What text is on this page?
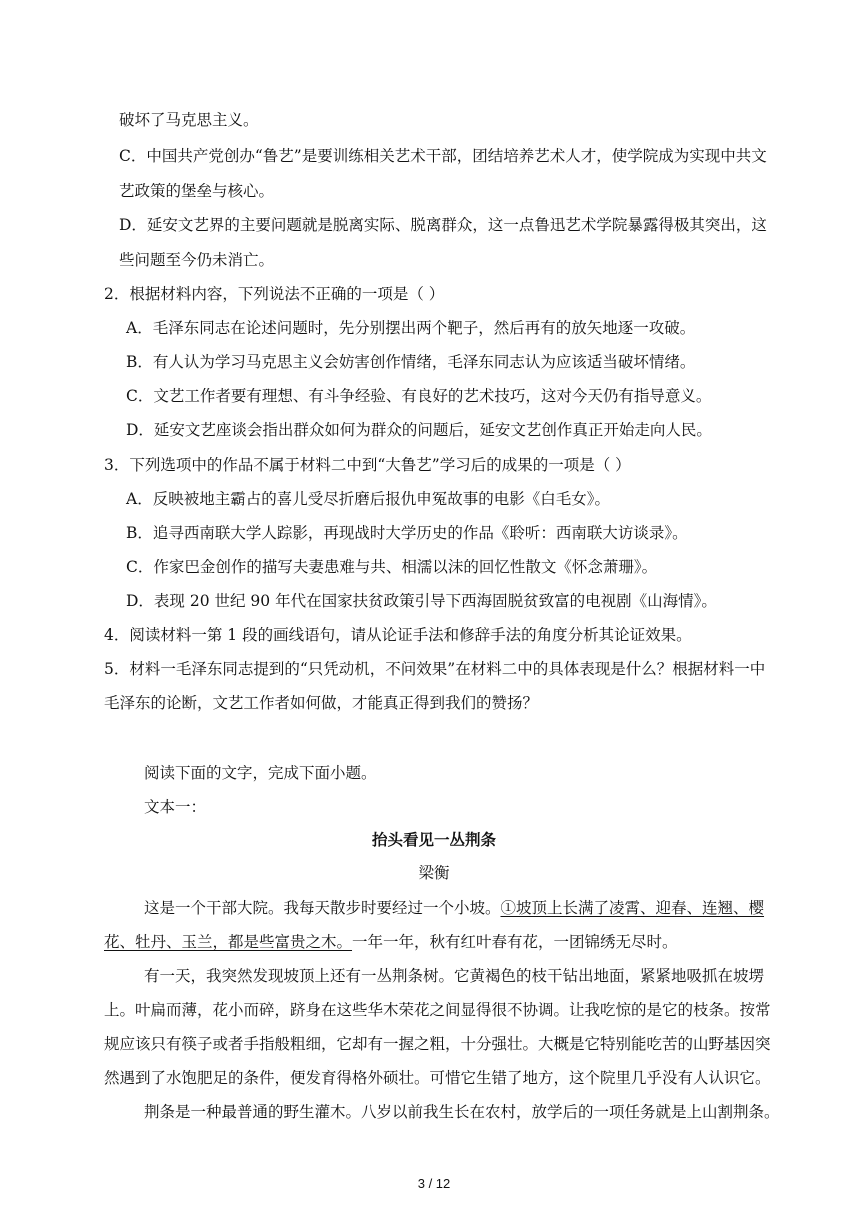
破坏了马克思主义。
C．中国共产党创办“鲁艺”是要训练相关艺术干部，团结培养艺术人才，使学院成为实现中共文
艺政策的堡垒与核心。
D．延安文艺界的主要问题就是脱离实际、脱离群众，这一点鲁迅艺术学院暴露得极其突出，这
些问题至今仍未消亡。
2．根据材料内容，下列说法不正确的一项是（ ）
A．毛泽东同志在论述问题时，先分别摆出两个靶子，然后再有的放矢地逐一攻破。
B．有人认为学习马克思主义会妨害创作情绪，毛泽东同志认为应该适当破坏情绪。
C．文艺工作者要有理想、有斗争经验、有良好的艺术技巧，这对今天仍有指导意义。
D．延安文艺座谈会指出群众如何为群众的问题后，延安文艺创作真正开始走向人民。
3．下列选项中的作品不属于材料二中到“大鲁艺”学习后的成果的一项是（ ）
A．反映被地主霸占的喜儿受尽折磨后报仇申冤故事的电影《白毛女》。
B．追寻西南联大学人踪影，再现战时大学历史的作品《聆听：西南联大访谈录》。
C．作家巴金创作的描写夫妻患难与共、相濡以沫的回忆性散文《怀念萧珊》。
D．表现 20 世纪 90 年代在国家扶贫政策引导下西海固脱贫致富的电视剧《山海情》。
4．阅读材料一第 1 段的画线语句，请从论证手法和修辞手法的角度分析其论证效果。
5．材料一毛泽东同志提到的“只凭动机，不问效果”在材料二中的具体表现是什么？根据材料一中
毛泽东的论断，文艺工作者如何做，才能真正得到我们的赞扬？
阅读下面的文字，完成下面小题。
文本一：
抬头看见一丛荆条
梁衡
这是一个干部大院。我每天散步时要经过一个小坡。①坡顶上长满了凌霄、迎春、连翘、樱
花、牡丹、玉兰，都是些富贵之木。一年一年，秋有红叶春有花，一团锦绣无尽时。
有一天，我突然发现坡顶上还有一丛荆条树。它黄褐色的枝干钻出地面，紧紧地吸抓在坡塄
上。叶扁而薄，花小而碎，跻身在这些华木荣花之间显得很不协调。让我吃惊的是它的枝条。按常
规应该只有筷子或者手指般粗细，它却有一握之粗，十分强壮。大概是它特别能吃苦的山野基因突
然遇到了水饱肥足的条件，便发育得格外硕壮。可惜它生错了地方，这个院里几乎没有人认识它。
荆条是一种最普通的野生灌木。八岁以前我生长在农村，放学后的一项任务就是上山割荆条。
3 / 12
